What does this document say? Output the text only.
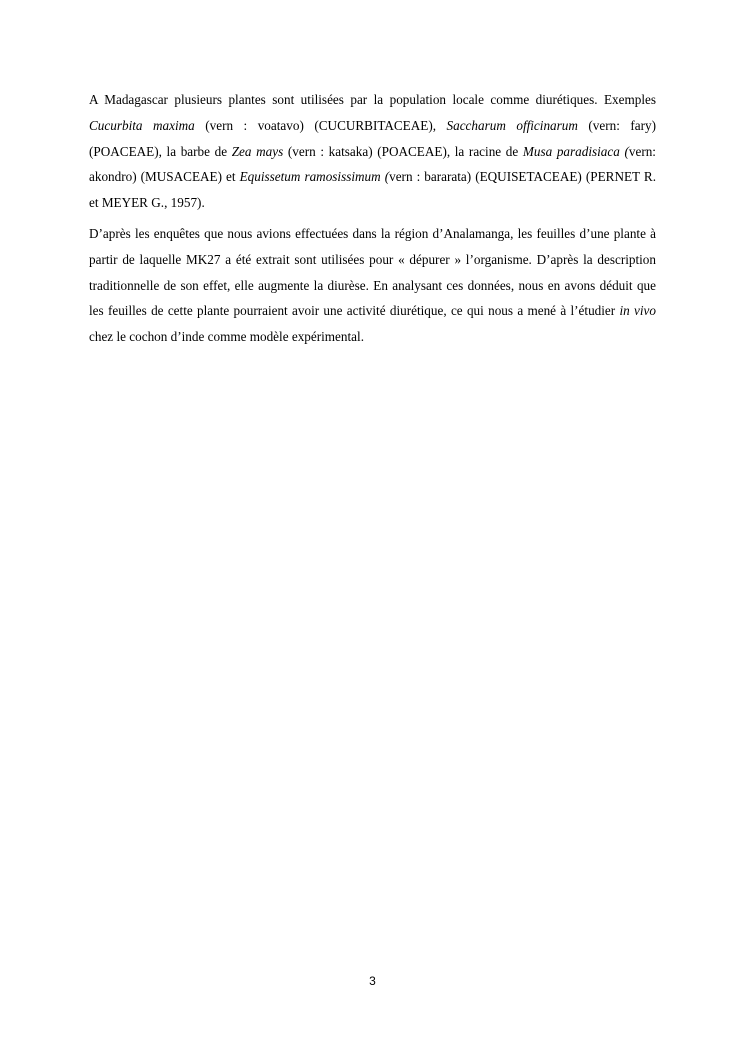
A Madagascar plusieurs plantes sont utilisées par la population locale comme diurétiques. Exemples Cucurbita maxima (vern : voatavo) (CUCURBITACEAE), Saccharum officinarum (vern: fary) (POACEAE), la barbe de Zea mays (vern : katsaka) (POACEAE), la racine de Musa paradisiaca (vern: akondro) (MUSACEAE) et Equissetum ramosissimum (vern : bararata) (EQUISETACEAE) (PERNET R. et MEYER G., 1957).

D’après les enquêtes que nous avions effectuées dans la région d’Analamanga, les feuilles d’une plante à partir de laquelle MK27 a été extrait sont utilisées pour « dépurer » l’organisme. D’après la description traditionnelle de son effet, elle augmente la diurèse. En analysant ces données, nous en avons déduit que les feuilles de cette plante pourraient avoir une activité diurétique, ce qui nous a mené à l’étudier in vivo chez le cochon d’inde comme modèle expérimental.

3
